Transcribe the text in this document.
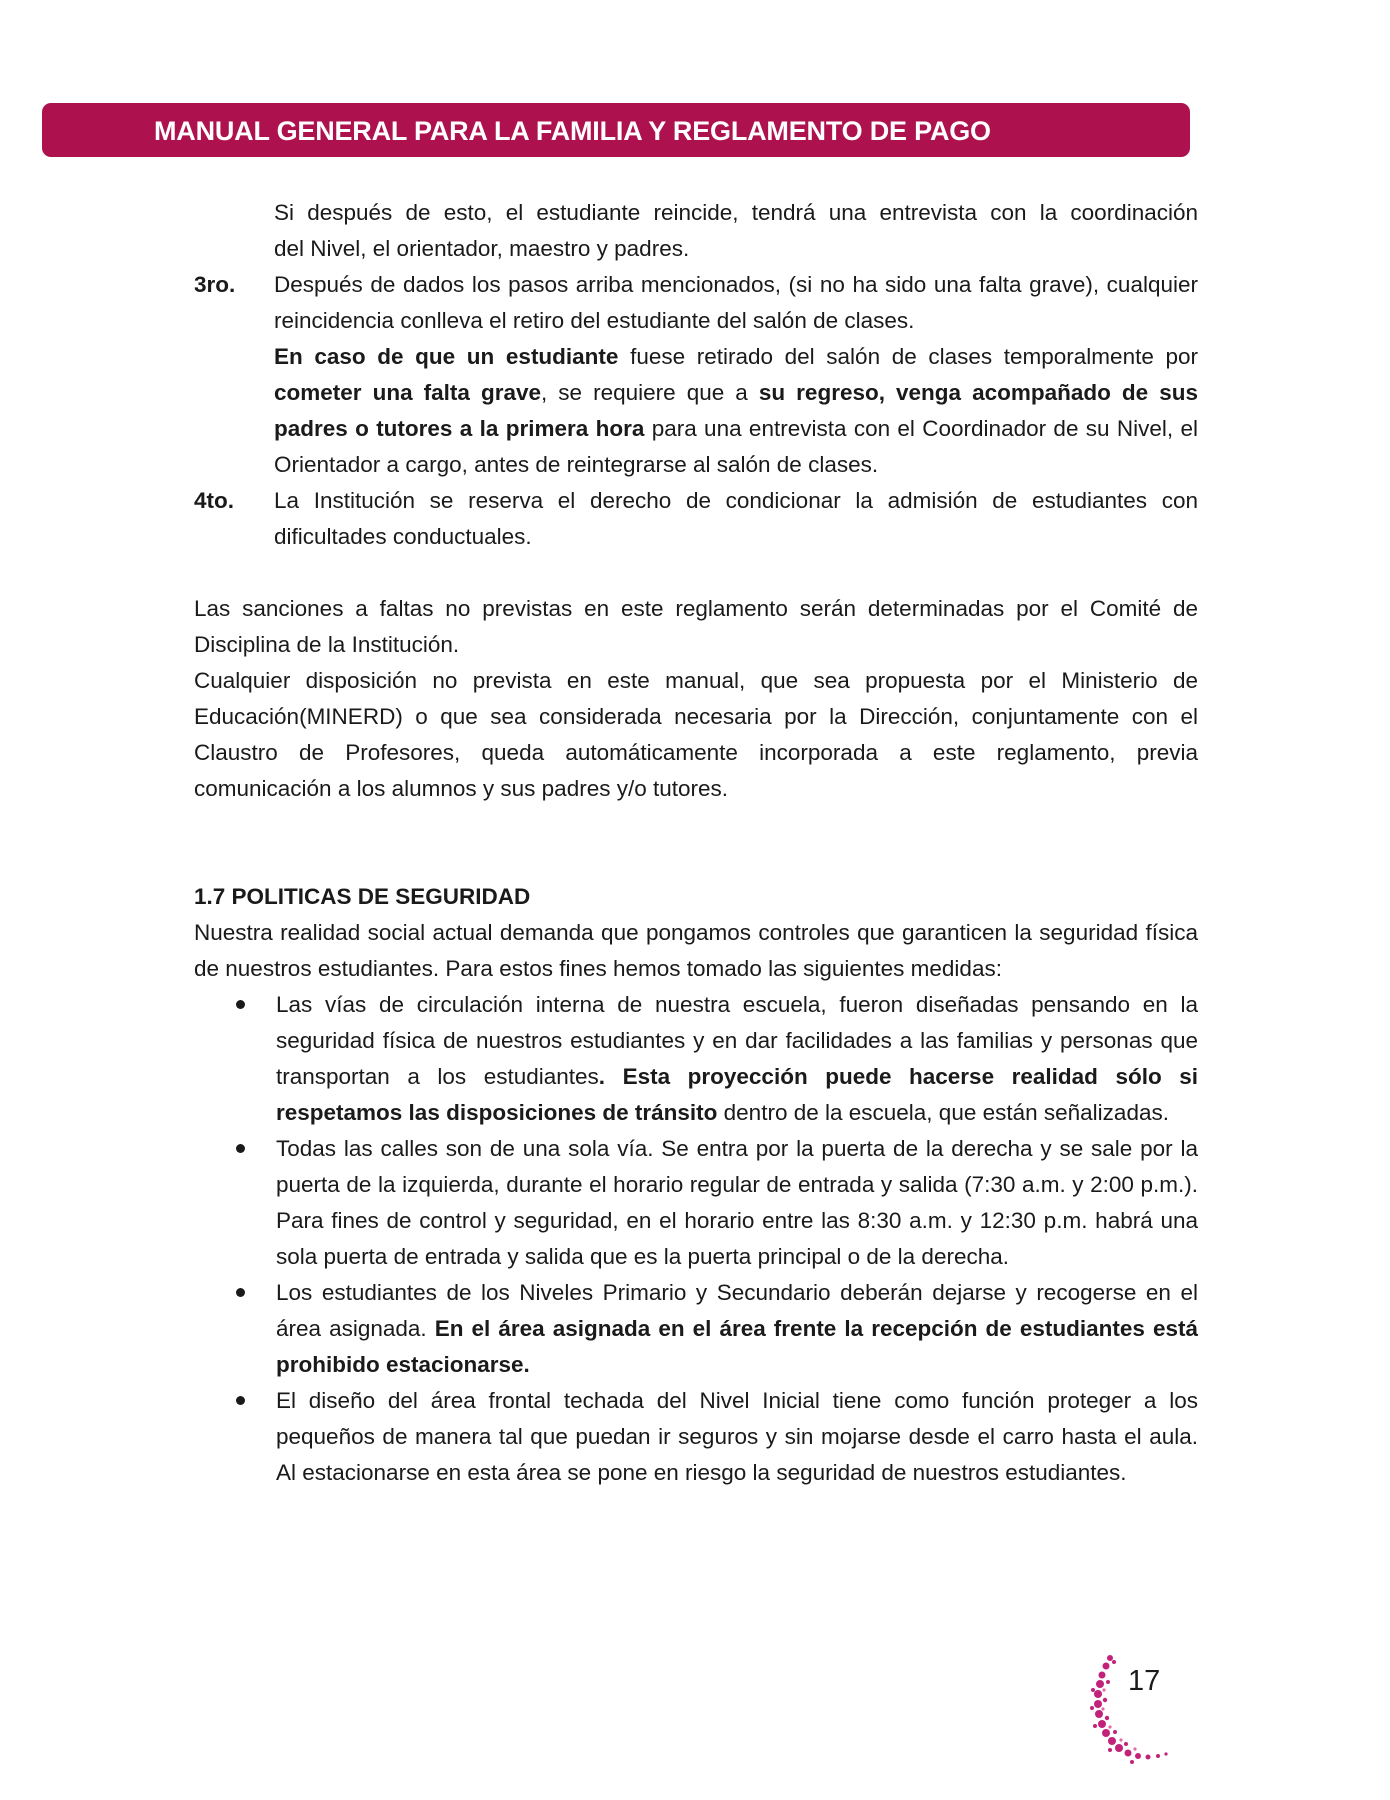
MANUAL GENERAL PARA LA FAMILIA Y REGLAMENTO DE PAGO

Si después de esto, el estudiante reincide, tendrá una entrevista con la coordinación

del Nivel, el orientador, maestro y padres.

3ro. Después de dados los pasos arriba mencionados, (si no ha sido una falta grave), cualquier reincidencia conlleva el retiro del estudiante del salón de clases.

En caso de que un estudiante fuese retirado del salón de clases temporalmente por cometer una falta grave, se requiere que a su regreso, venga acompañado de sus padres o tutores a la primera hora para una entrevista con el Coordinador de su Nivel, el Orientador a cargo, antes de reintegrarse al salón de clases.

4to. La Institución se reserva el derecho de condicionar la admisión de estudiantes con dificultades conductuales.

Las sanciones a faltas no previstas en este reglamento serán determinadas por el Comité de Disciplina de la Institución.

Cualquier disposición no prevista en este manual, que sea propuesta por el Ministerio de Educación(MINERD) o que sea considerada necesaria por la Dirección, conjuntamente con el Claustro de Profesores, queda automáticamente incorporada a este reglamento, previa comunicación a los alumnos y sus padres y/o tutores.

1.7 POLITICAS DE SEGURIDAD

Nuestra realidad social actual demanda que pongamos controles que garanticen la seguridad física de nuestros estudiantes. Para estos fines hemos tomado las siguientes medidas:

Las vías de circulación interna de nuestra escuela, fueron diseñadas pensando en la seguridad física de nuestros estudiantes y en dar facilidades a las familias y personas que transportan a los estudiantes. Esta proyección puede hacerse realidad sólo si respetamos las disposiciones de tránsito dentro de la escuela, que están señalizadas.

Todas las calles son de una sola vía. Se entra por la puerta de la derecha y se sale por la puerta de la izquierda, durante el horario regular de entrada y salida (7:30 a.m. y 2:00 p.m.). Para fines de control y seguridad, en el horario entre las 8:30 a.m. y 12:30 p.m. habrá una sola puerta de entrada y salida que es la puerta principal o de la derecha.

Los estudiantes de los Niveles Primario y Secundario deberán dejarse y recogerse en el área asignada. En el área asignada en el área frente la recepción de estudiantes está prohibido estacionarse.

El diseño del área frontal techada del Nivel Inicial tiene como función proteger a los pequeños de manera tal que puedan ir seguros y sin mojarse desde el carro hasta el aula. Al estacionarse en esta área se pone en riesgo la seguridad de nuestros estudiantes.

17
